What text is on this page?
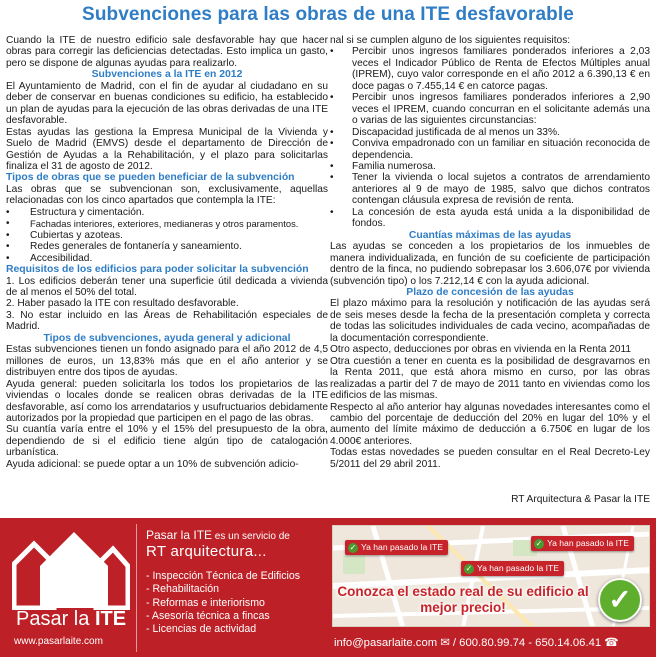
Subvenciones para las obras de una ITE desfavorable

Cuando la ITE de nuestro edificio sale desfavorable hay que hacer obras para corregir las deficiencias detectadas. Esto implica un gasto, pero se dispone de algunas ayudas para realizarlo.

Subvenciones a la ITE en 2012

El Ayuntamiento de Madrid, con el fin de ayudar al ciudadano en su deber de conservar en buenas condiciones su edificio, ha establecido un plan de ayudas para la ejecución de las obras derivadas de una ITE desfavorable.

Estas ayudas las gestiona la Empresa Municipal de la Vivienda y Suelo de Madrid (EMVS) desde el departamento de Dirección de Gestión de Ayudas a la Rehabilitación, y el plazo para solicitarlas finaliza el 31 de agosto de 2012.

Tipos de obras que se pueden beneficiar de la subvención

Las obras que se subvencionan son, exclusivamente, aquellas relacionadas con los cinco apartados que contempla la ITE:

• Estructura y cimentación.
• Fachadas interiores, exteriores, medianeras y otros paramentos.
• Cubiertas y azoteas.
• Redes generales de fontanería y saneamiento.
• Accesibilidad.
Requisitos de los edificios para poder solicitar la subvención

1. Los edificios deberán tener una superficie útil dedicada a vivienda de al menos el 50% del total.

2. Haber pasado la ITE con resultado desfavorable.

3. No estar incluido en las Áreas de Rehabilitación especiales de Madrid.

Tipos de subvenciones, ayuda general y adicional

Estas subvenciones tienen un fondo asignado para el año 2012 de 4,5 millones de euros, un 13,83% más que en el año anterior y se distribuyen entre dos tipos de ayudas.

Ayuda general: pueden solicitarla los todos los propietarios de las viviendas o locales donde se realicen obras derivadas de la ITE desfavorable, así como los arrendatarios y usufructuarios debidamente autorizados por la propiedad que participen en el pago de las obras.

Su cuantía varía entre el 10% y el 15% del presupuesto de la obra, dependiendo de si el edificio tiene algún tipo de catalogación urbanística.

Ayuda adicional: se puede optar a un 10% de subvención adicio-

nal si se cumplen alguno de los siguientes requisitos:

• Percibir unos ingresos familiares ponderados inferiores a 2,03 veces el Indicador Público de Renta de Efectos Múltiples anual (IPREM), cuyo valor corresponde en el año 2012 a 6.390,13 € en doce pagas o 7.455,14 € en catorce pagas.
• Percibir unos ingresos familiares ponderados inferiores a 2,90 veces el IPREM, cuando concurran en el solicitante además una o varias de las siguientes circunstancias:
• Discapacidad justificada de al menos un 33%.
• Conviva empadronado con un familiar en situación reconocida de dependencia.
• Familia numerosa.
• Tener la vivienda o local sujetos a contratos de arrendamiento anteriores al 9 de mayo de 1985, salvo que dichos contratos contengan cláusula expresa de revisión de renta.
• La concesión de esta ayuda está unida a la disponibilidad de fondos.
Cuantías máximas de las ayudas

Las ayudas se conceden a los propietarios de los inmuebles de manera individualizada, en función de su coeficiente de participación dentro de la finca, no pudiendo sobrepasar los 3.606,07€ por vivienda (subvención tipo) o los 7.212,14 € con la ayuda adicional.

Plazo de concesión de las ayudas

El plazo máximo para la resolución y notificación de las ayudas será de seis meses desde la fecha de la presentación completa y correcta de todas las solicitudes individuales de cada vecino, acompañadas de la documentación correspondiente.

Otro aspecto, deducciones por obras en vivienda en la Renta 2011

Otra cuestión a tener en cuenta es la posibilidad de desgravarnos en la Renta 2011, que está ahora mismo en curso, por las obras realizadas a partir del 7 de mayo de 2011 tanto en viviendas como los edificios de las mismas.

Respecto al año anterior hay algunas novedades interesantes como el cambio del porcentaje de deducción del 20% en lugar del 10% y el aumento del límite máximo de deducción a 6.750€ en lugar de los 4.000€ anteriores.

Todas estas novedades se pueden consultar en el Real Decreto-Ley 5/2011 del 29 abril 2011.

RT Arquitectura & Pasar la ITE
Pasar la ITE
www.pasarlaite.com
Pasar la ITE es un servicio de
RT arquitectura...
- Inspección Técnica de Edificios
- Rehabilitación
- Reformas e interiorismo
- Asesoría técnica a fincas
- Licencias de actividad
✓ Ya han pasado la ITE	✓ Ya han pasado la ITE
✓ Ya han pasado la ITE
Conozca el estado real de su edificio al mejor precio!	✓
info@pasarlaite.com ✉ / 600.80.99.74 - 650.14.06.41 ☎
